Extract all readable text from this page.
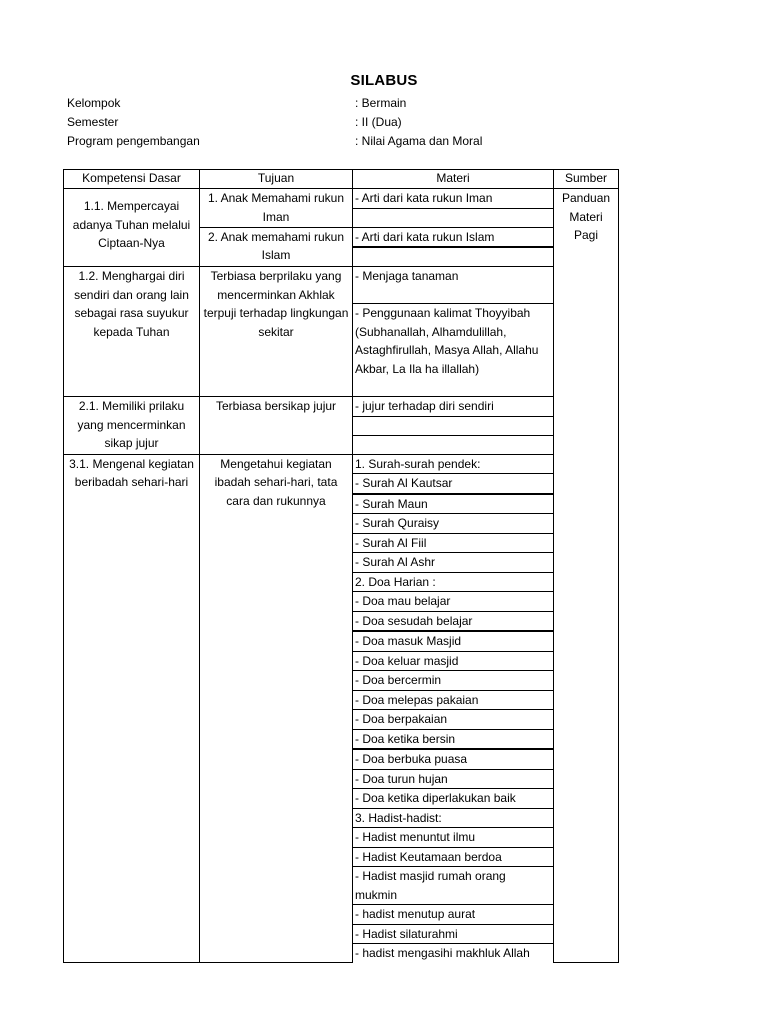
SILABUS
Kelompok	: Bermain
Semester	: II (Dua)
Program pengembangan	: Nilai Agama dan Moral
Kompetensi Dasar	Tujuan	Materi	Sumber
1.1. Mempercayai adanya Tuhan melalui Ciptaan-Nya	1. Anak Memahami rukun Iman	- Arti dari kata rukun Iman	Panduan Materi Pagi

	2. Anak memahami rukun Islam	- Arti dari kata rukun Islam	

1.2. Menghargai diri sendiri dan orang lain sebagai rasa suyukur kepada Tuhan	Terbiasa berprilaku yang mencerminkan Akhlak terpuji terhadap lingkungan sekitar	- Menjaga tanaman	
		- Penggunaan kalimat Thoyyibah (Subhanallah, Alhamdulillah, Astaghfirullah, Masya Allah, Allahu Akbar, La Ila ha illallah)	
2.1. Memiliki prilaku yang mencerminkan sikap jujur	Terbiasa bersikap jujur	- jujur terhadap diri sendiri	

3.1. Mengenal kegiatan beribadah sehari-hari	Mengetahui kegiatan ibadah sehari-hari, tata cara dan rukunnya	1. Surah-surah pendek:	
		- Surah Al Kautsar	
		- Surah Maun	
		- Surah Quraisy	
		- Surah Al Fiil	
		- Surah Al Ashr	
		2. Doa Harian :	
		- Doa mau belajar	
		- Doa sesudah belajar	
		- Doa masuk Masjid	
		- Doa keluar masjid	
		- Doa bercermin	
		- Doa melepas pakaian	
		- Doa berpakaian	
		- Doa ketika bersin	
		- Doa berbuka puasa	
		- Doa turun hujan	
		- Doa ketika diperlakukan baik	
		3. Hadist-hadist:	
		- Hadist menuntut ilmu	
		- Hadist Keutamaan berdoa	
		- Hadist masjid rumah orang mukmin	
		- hadist menutup aurat	
		- Hadist silaturahmi	
		- hadist mengasihi makhluk Allah	
